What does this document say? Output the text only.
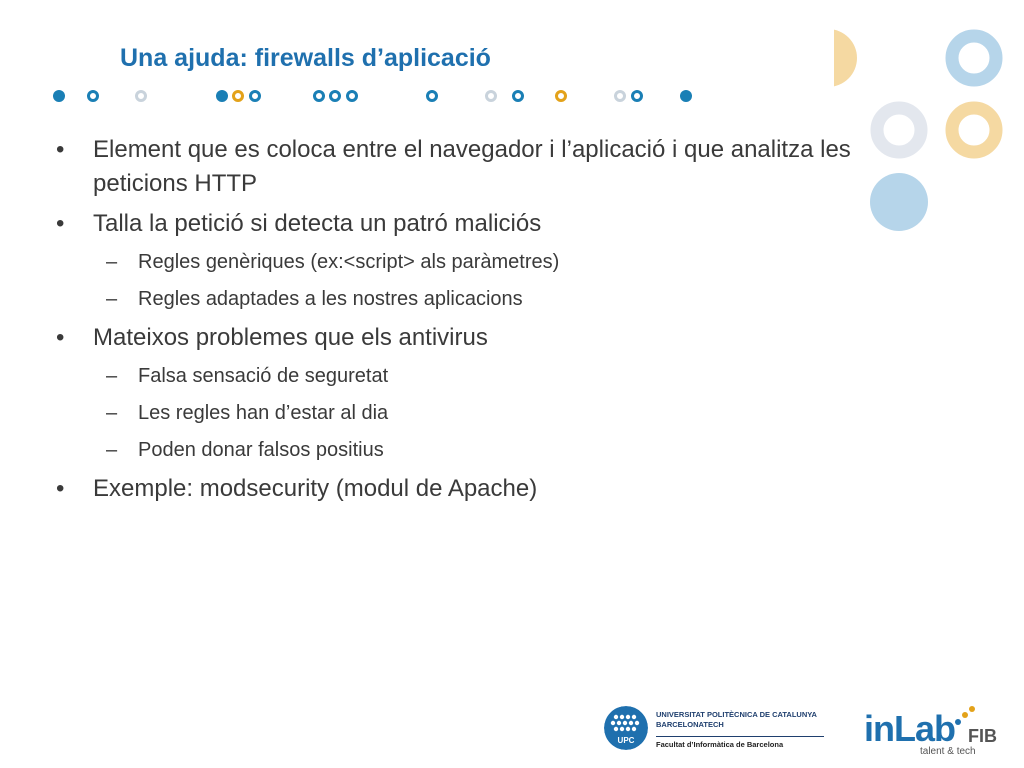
Una ajuda: firewalls d’aplicació
• Element que es coloca entre el navegador i l’aplicació i que analitza les peticions HTTP
• Talla la petició si detecta un patró maliciós
– Regles genèriques (ex:<script> als paràmetres)
– Regles adaptades a les nostres aplicacions
• Mateixos problemes que els antivirus
– Falsa sensació de seguretat
– Les regles han d’estar al dia
– Poden donar falsos positius
• Exemple: modsecurity (modul de Apache)
UPC
UNIVERSITAT POLITÈCNICA DE CATALUNYA
BARCELONATECH
Facultat d’Informàtica de Barcelona inLab FIB
talent & tech
